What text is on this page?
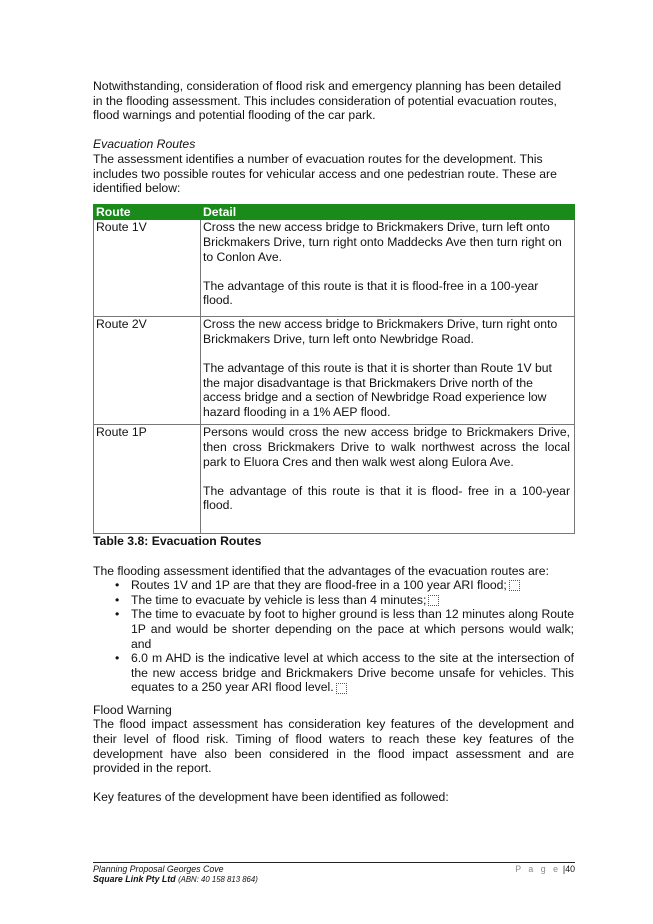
Notwithstanding, consideration of flood risk and emergency planning has been detailed in the flooding assessment. This includes consideration of potential evacuation routes, flood warnings and potential flooding of the car park.

Evacuation Routes

The assessment identifies a number of evacuation routes for the development. This includes two possible routes for vehicular access and one pedestrian route. These are identified below:

Route	Detail
Route 1V	Cross the new access bridge to Brickmakers Drive, turn left onto Brickmakers Drive, turn right onto Maddecks Ave then turn right on to Conlon Ave.

The advantage of this route is that it is flood-free in a 100-year flood.

Route 2V	Cross the new access bridge to Brickmakers Drive, turn right onto Brickmakers Drive, turn left onto Newbridge Road.

The advantage of this route is that it is shorter than Route 1V but the major disadvantage is that Brickmakers Drive north of the access bridge and a section of Newbridge Road experience low hazard flooding in a 1% AEP flood.

Route 1P	Persons would cross the new access bridge to Brickmakers Drive, then cross Brickmakers Drive to walk northwest across the local park to Eluora Cres and then walk west along Eulora Ave.

The advantage of this route is that it is flood- free in a 100-year flood.

Table 3.8: Evacuation Routes

The flooding assessment identified that the advantages of the evacuation routes are:

• Routes 1V and 1P are that they are flood-free in a 100 year ARI flood;
• The time to evacuate by vehicle is less than 4 minutes;
• The time to evacuate by foot to higher ground is less than 12 minutes along Route 1P and would be shorter depending on the pace at which persons would walk; and
• 6.0 m AHD is the indicative level at which access to the site at the intersection of the new access bridge and Brickmakers Drive become unsafe for vehicles. This equates to a 250 year ARI flood level.

Flood Warning

The flood impact assessment has consideration key features of the development and their level of flood risk. Timing of flood waters to reach these key features of the development have also been considered in the flood impact assessment and are provided in the report.

Key features of the development have been identified as followed:

Planning Proposal Georges Cove	P a g e |40
Square Link Pty Ltd (ABN: 40 158 813 864)
